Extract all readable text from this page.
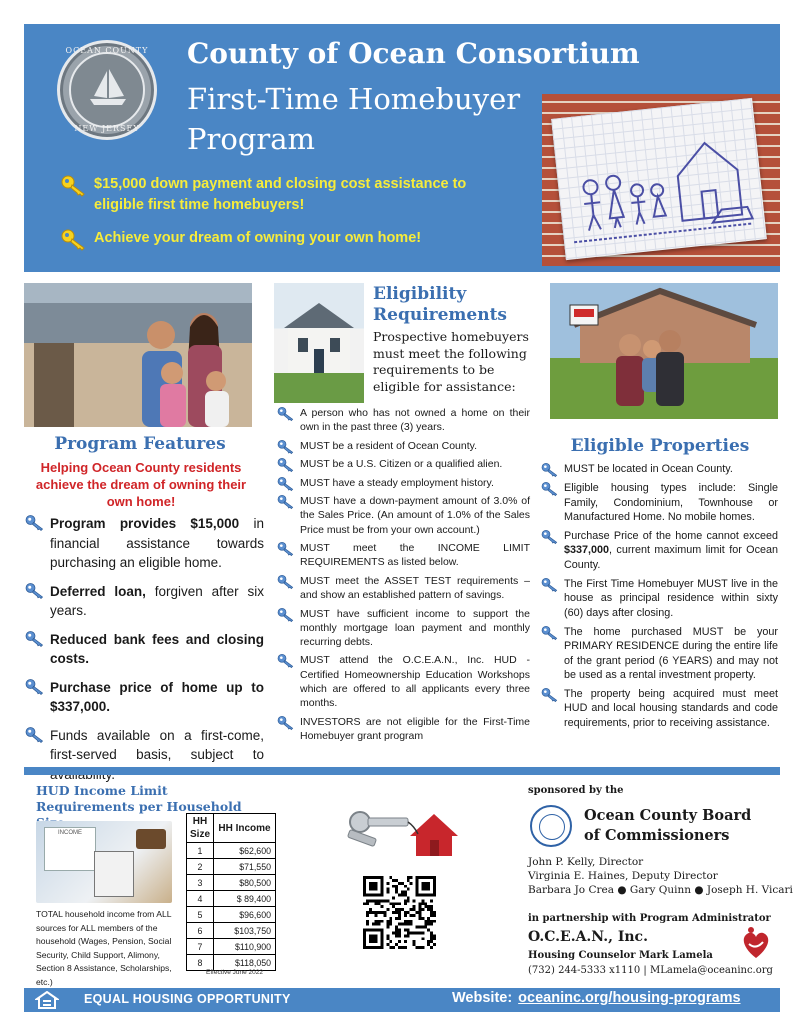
OCEAN COUNTY
NEW JERSEY
County of Ocean Consortium
First-Time Homebuyer Program
$15,000 down payment and closing cost assistance to eligible first time homebuyers!
Achieve your dream of owning your own home!
Program Features
Helping Ocean County residents achieve the dream of owning their own home!
Program provides $15,000 in financial assistance towards purchasing an eligible home.
Deferred loan, forgiven after six years.
Reduced bank fees and closing costs.
Purchase price of home up to $337,000.
Funds available on a first-come, first-served basis, subject to
Eligibility Requirements
Prospective homebuyers must meet the following requirements to be eligible for assistance:
A person who has not owned a home on their own in the past three (3) years.
MUST be a resident of Ocean County.
MUST be a U.S. Citizen or a qualified alien.
MUST have a steady employment history.
MUST have a down-payment amount of 3.0% of the Sales Price. (An amount of 1.0% of the Sales Price must be from your own account.)
MUST meet the INCOME LIMIT REQUIREMENTS as listed below.
MUST meet the ASSET TEST requirements – and show an established pattern of savings.
MUST have sufficient income to support the monthly mortgage loan payment and monthly recurring debts.
MUST attend the O.C.E.A.N., Inc. HUD - Certified Homeownership Education Workshops which are offered to all applicants every three months.
INVESTORS are not eligible for the First-Time Homebuyer grant program
Eligible Properties
MUST be located in Ocean County.
Eligible housing types include: Single Family, Condominium, Townhouse or Manufactured Home. No mobile homes.
Purchase Price of the home cannot exceed $337,000, current maximum limit for Ocean County.
The First Time Homebuyer MUST live in the house as principal residence within sixty (60) days after closing.
The home purchased MUST be your PRIMARY RESIDENCE during the entire life of the grant period (6 YEARS) and may not be used as a rental investment property.
The property being acquired must meet HUD and local housing standards and code requirements, prior to receiving assistance.
HUD Income Limit Requirements per Household
INCOME
TOTAL household income from ALL sources for ALL members of the household (Wages, Pension, Social Security, Child Support, Alimony, Section 8 Assistance, Scholarships, etc.)
HH Size	HH Income
1	$62,600
2	$71,550
3	$80,500
4	$ 89,400
5	$96,600
6	$103,750
7	$110,900
8	$118,050
Effective June 2022
sponsored by the
Ocean County Board
of Commissioners
John P. Kelly, Director
Virginia E. Haines, Deputy Director
Barbara Jo Crea ● Gary Quinn ● Joseph H. Vicari
in partnership with Program Administrator
O.C.E.A.N., Inc.
Housing Counselor Mark Lamela
(732) 244-5333 x1110 | MLamela@oceaninc.org
EQUAL HOUSING OPPORTUNITY	Website: oceaninc.org/housing-programs
